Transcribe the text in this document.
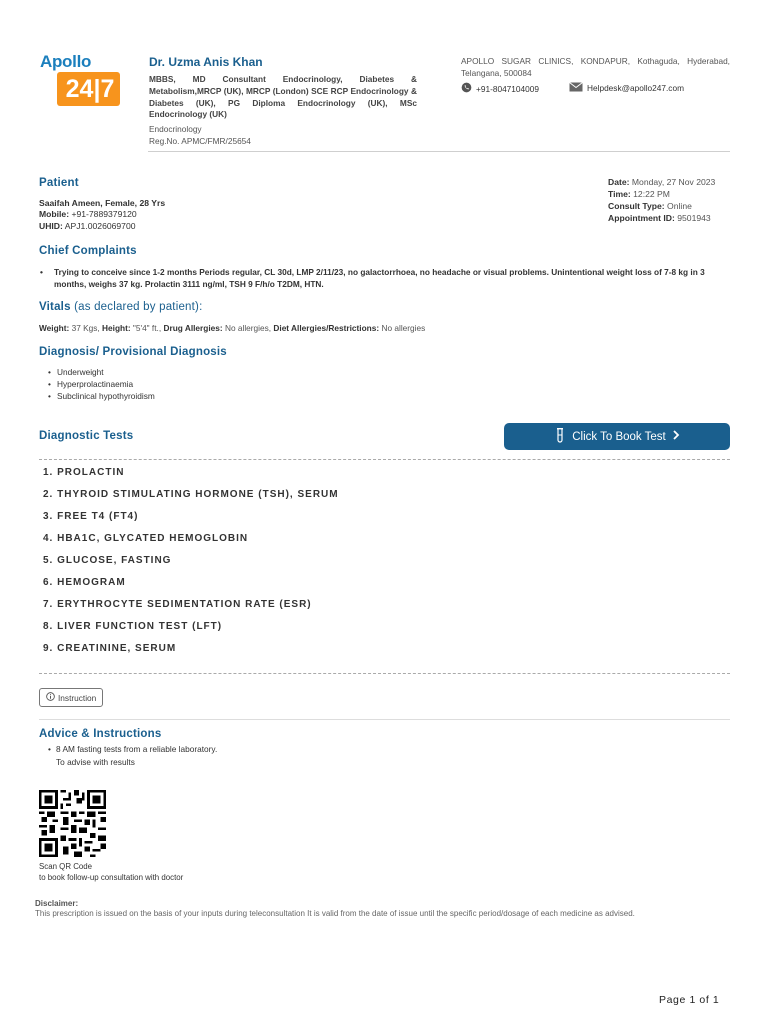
Apollo
24|7
Dr. Uzma Anis Khan
MBBS, MD Consultant Endocrinology, Diabetes & Metabolism,MRCP (UK), MRCP (London) SCE RCP Endocrinology & Diabetes (UK), PG Diploma Endocrinology (UK), MSc Endocrinology (UK)
Endocrinology
Reg.No. APMC/FMR/25654
APOLLO SUGAR CLINICS, KONDAPUR, Kothaguda, Hyderabad, Telangana, 500084
+91-8047104009	Helpdesk@apollo247.com
Patient
Saaifah Ameen, Female, 28 Yrs
Mobile: +91-7889379120
UHID: APJ1.0026069700
Date: Monday, 27 Nov 2023
Time: 12:22 PM
Consult Type: Online
Appointment ID: 9501943
Chief Complaints
•	Trying to conceive since 1-2 months Periods regular, CL 30d, LMP 2/11/23, no galactorrhoea, no headache or visual problems. Unintentional weight loss of 7-8 kg in 3 months, weighs 37 kg. Prolactin 3111 ng/ml, TSH 9 F/h/o T2DM, HTN.
Vitals (as declared by patient):
Weight: 37 Kgs, Height: "5'4" ft., Drug Allergies: No allergies, Diet Allergies/Restrictions: No allergies
Diagnosis/ Provisional Diagnosis
• Underweight
• Hyperprolactinaemia
• Subclinical hypothyroidism
Diagnostic Tests	Click To Book Test
1. PROLACTIN
2. THYROID STIMULATING HORMONE (TSH), SERUM
3. FREE T4 (FT4)
4. HBA1C, GLYCATED HEMOGLOBIN
5. GLUCOSE, FASTING
6. HEMOGRAM
7. ERYTHROCYTE SEDIMENTATION RATE (ESR)
8. LIVER FUNCTION TEST (LFT)
9. CREATININE, SERUM
Instruction
Advice & Instructions
• 8 AM fasting tests from a reliable laboratory.
To advise with results
Scan QR Code
to book follow-up consultation with doctor
Disclaimer:
This prescription is issued on the basis of your inputs during teleconsultation It is valid from the date of issue until the specific period/dosage of each medicine as advised.
Page 1 of 1
